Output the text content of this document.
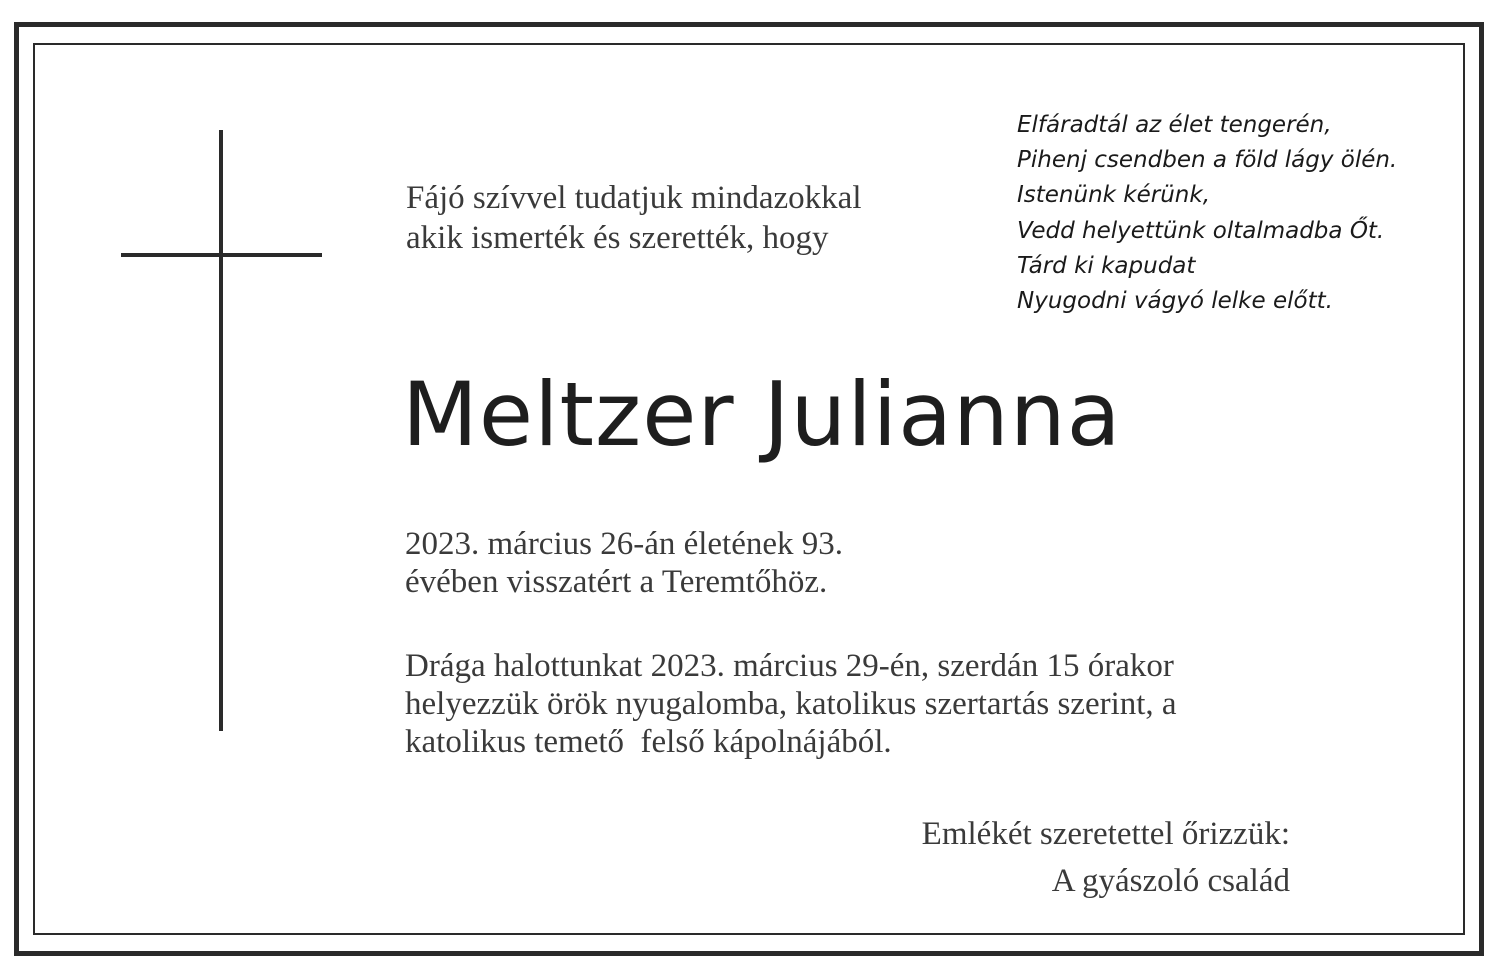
Fájó szívvel tudatjuk mindazokkal
akik ismerték és szerették, hogy
Elfáradtál az élet tengerén,
Pihenj csendben a föld lágy ölén.
Istenünk kérünk,
Vedd helyettünk oltalmadba Őt.
Tárd ki kapudat
Nyugodni vágyó lelke előtt.
Meltzer Julianna
2023. március 26-án életének 93.
évében visszatért a Teremtőhöz.
Drága halottunkat 2023. március 29-én, szerdán 15 órakor
helyezzük örök nyugalomba, katolikus szertartás szerint, a
katolikus temető  felső kápolnájából.
Emlékét szeretettel őrizzük:
A gyászoló család
